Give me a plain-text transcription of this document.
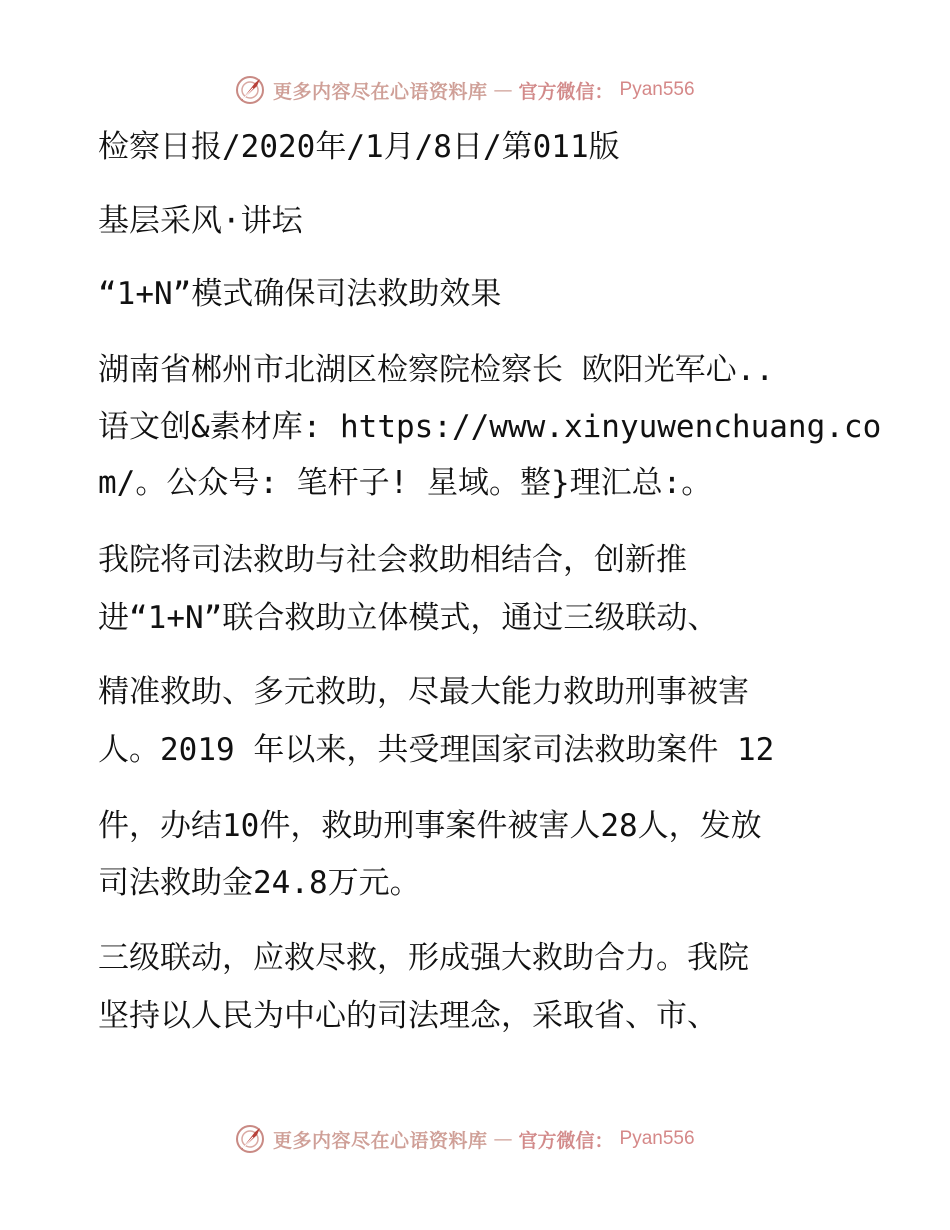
更多内容尽在心语资料库 — 官方微信： Pyan556
检察日报/2020年/1月/8日/第011版
基层采风·讲坛
“1+N”模式确保司法救助效果
湖南省郴州市北湖区检察院检察长 欧阳光军心..
语文创&素材库: https://www.xinyuwenchuang.co
m/。公众号: 笔杆子! 星域。整}理汇总:。
我院将司法救助与社会救助相结合，创新推
进“1+N”联合救助立体模式，通过三级联动、
精准救助、多元救助，尽最大能力救助刑事被害
人。2019 年以来，共受理国家司法救助案件 12
件，办结10件，救助刑事案件被害人28人，发放
司法救助金24.8万元。
三级联动，应救尽救，形成强大救助合力。我院
坚持以人民为中心的司法理念，采取省、市、
更多内容尽在心语资料库 — 官方微信： Pyan556
